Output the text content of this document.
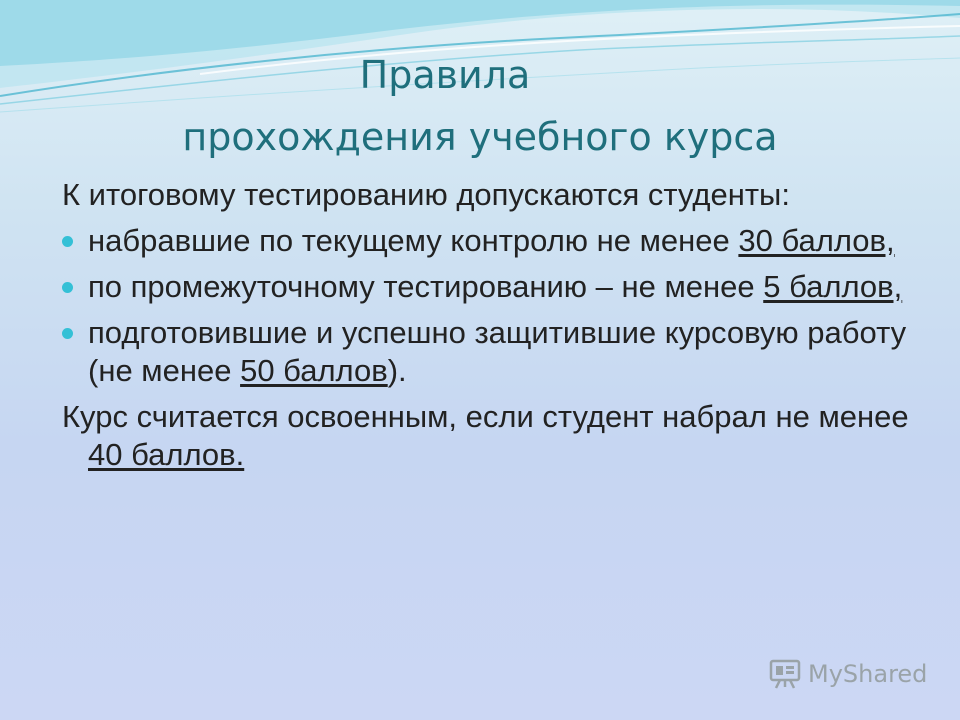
Правила
прохождения учебного курса
К итоговому тестированию допускаются студенты:
набравшие по текущему контролю не менее 30 баллов,
по промежуточному тестированию – не менее 5 баллов,
подготовившие и успешно защитившие курсовую работу (не менее 50 баллов).
Курс считается освоенным, если студент набрал не менее 40 баллов.
MyShared
